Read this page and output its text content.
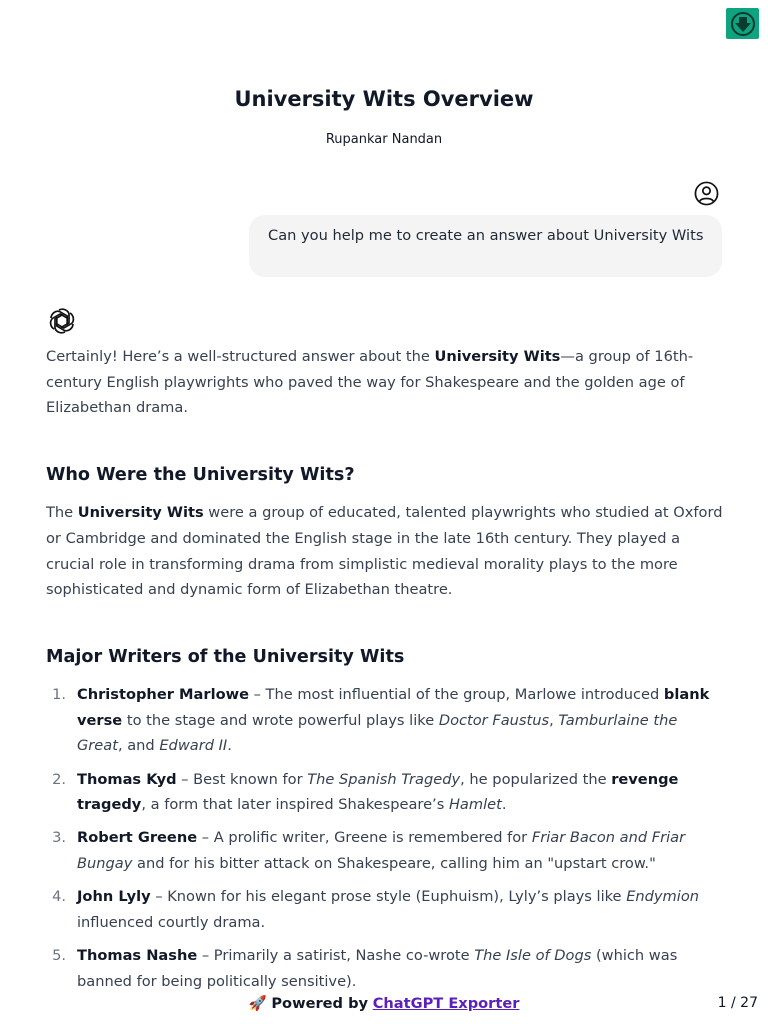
University Wits Overview
Rupankar Nandan
Can you help me to create an answer about University Wits

Certainly! Here’s a well-structured answer about the University Wits—a group of 16th-century English playwrights who paved the way for Shakespeare and the golden age of Elizabethan drama.

Who Were the University Wits?

The University Wits were a group of educated, talented playwrights who studied at Oxford or Cambridge and dominated the English stage in the late 16th century. They played a crucial role in transforming drama from simplistic medieval morality plays to the more sophisticated and dynamic form of Elizabethan theatre.

Major Writers of the University Wits
1. Christopher Marlowe – The most influential of the group, Marlowe introduced blank verse to the stage and wrote powerful plays like Doctor Faustus, Tamburlaine the Great, and Edward II.
2. Thomas Kyd – Best known for The Spanish Tragedy, he popularized the revenge tragedy, a form that later inspired Shakespeare’s Hamlet.
3. Robert Greene – A prolific writer, Greene is remembered for Friar Bacon and Friar Bungay and for his bitter attack on Shakespeare, calling him an "upstart crow."
4. John Lyly – Known for his elegant prose style (Euphuism), Lyly’s plays like Endymion influenced courtly drama.
5. Thomas Nashe – Primarily a satirist, Nashe co-wrote The Isle of Dogs (which was banned for being politically sensitive).
🚀 Powered by ChatGPT Exporter	1 / 27
